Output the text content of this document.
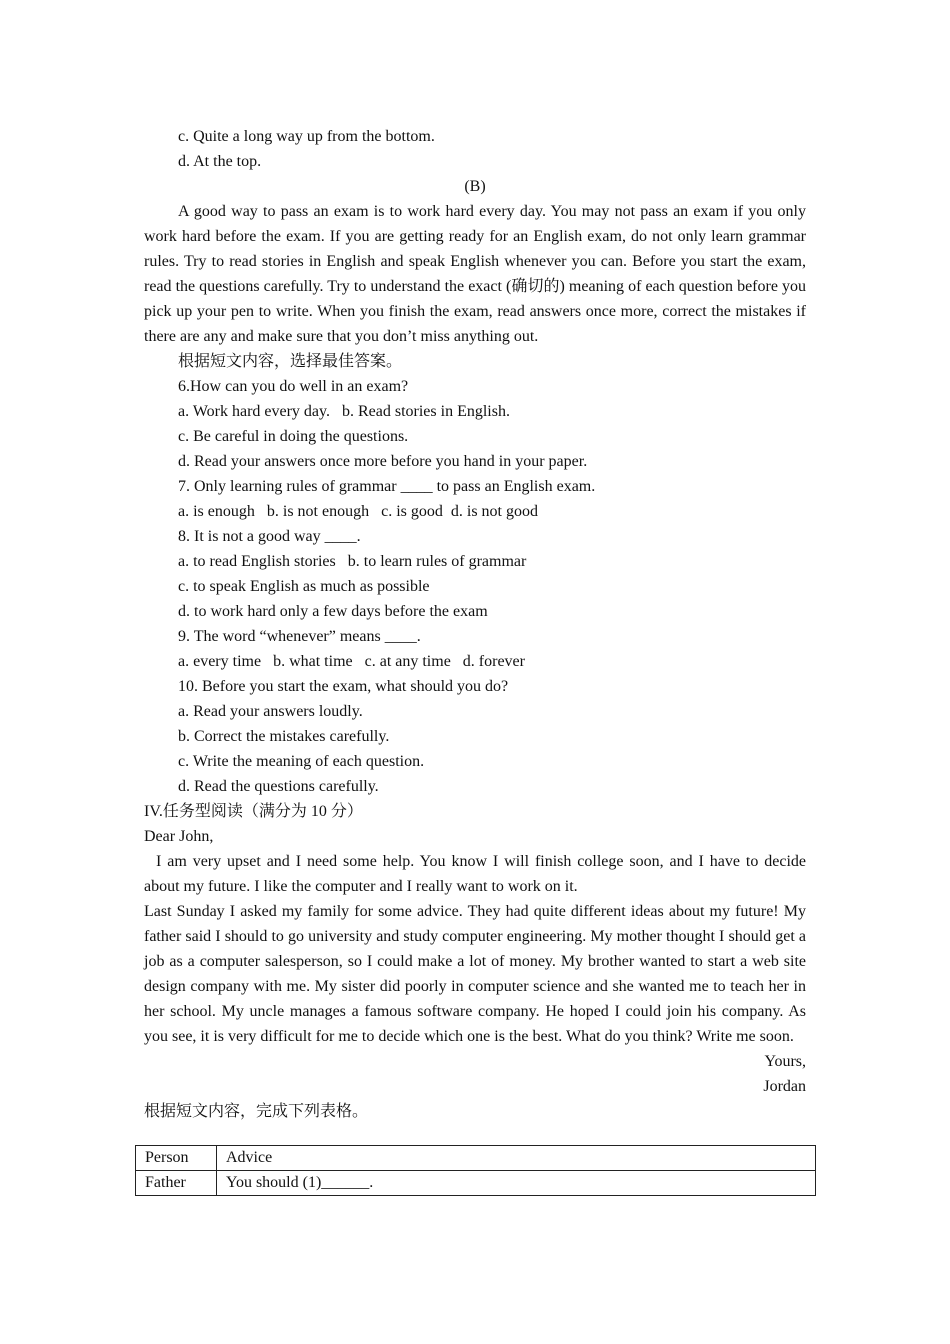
c. Quite a long way up from the bottom.
d. At the top.
(B)
A good way to pass an exam is to work hard every day. You may not pass an exam if you only work hard before the exam. If you are getting ready for an English exam, do not only learn grammar rules. Try to read stories in English and speak English whenever you can. Before you start the exam, read the questions carefully. Try to understand the exact (确切的) meaning of each question before you pick up your pen to write. When you finish the exam, read answers once more, correct the mistakes if there are any and make sure that you don’t miss anything out.
根据短文内容，选择最佳答案。
6.How can you do well in an exam?
a. Work hard every day.   b. Read stories in English.
c. Be careful in doing the questions.
d. Read your answers once more before you hand in your paper.
7. Only learning rules of grammar ____ to pass an English exam.
a. is enough   b. is not enough   c. is good  d. is not good
8. It is not a good way ____.
a. to read English stories   b. to learn rules of grammar
c. to speak English as much as possible
d. to work hard only a few days before the exam
9. The word “whenever” means ____.
a. every time   b. what time   c. at any time   d. forever
10. Before you start the exam, what should you do?
a. Read your answers loudly.
b. Correct the mistakes carefully.
c. Write the meaning of each question.
d. Read the questions carefully.
IV.任务型阅读（满分为 10 分）
Dear John,
I am very upset and I need some help. You know I will finish college soon, and I have to decide about my future. I like the computer and I really want to work on it.
Last Sunday I asked my family for some advice. They had quite different ideas about my future! My father said I should to go university and study computer engineering. My mother thought I should get a job as a computer salesperson, so I could make a lot of money. My brother wanted to start a web site design company with me. My sister did poorly in computer science and she wanted me to teach her in her school. My uncle manages a famous software company. He hoped I could join his company. As you see, it is very difficult for me to decide which one is the best. What do you think? Write me soon.
Yours,
Jordan
根据短文内容，完成下列表格。
Person	Advice
Father	You should (1)______.
